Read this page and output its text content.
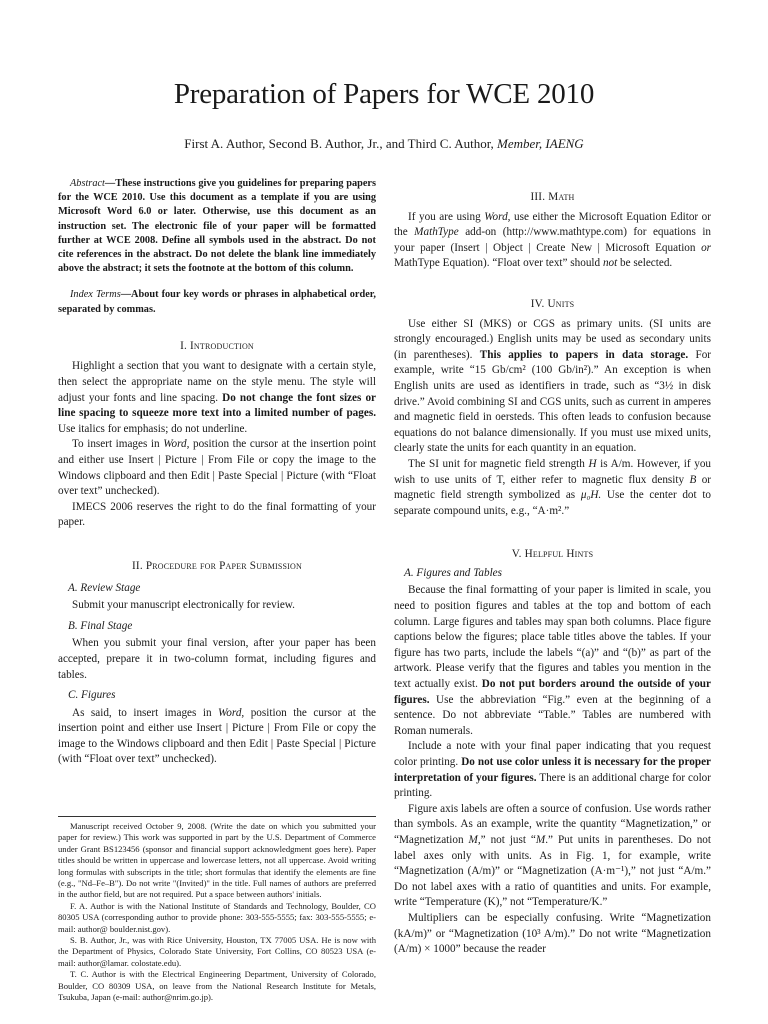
Preparation of Papers for WCE 2010
First A. Author, Second B. Author, Jr., and Third C. Author, Member, IAENG

Abstract—These instructions give you guidelines for preparing papers for the WCE 2010. Use this document as a template if you are using Microsoft Word 6.0 or later. Otherwise, use this document as an instruction set. The electronic file of your paper will be formatted further at WCE 2008. Define all symbols used in the abstract. Do not cite references in the abstract. Do not delete the blank line immediately above the abstract; it sets the footnote at the bottom of this column.

Index Terms—About four key words or phrases in alphabetical order, separated by commas.

I. Introduction

Highlight a section that you want to designate with a certain style, then select the appropriate name on the style menu. The style will adjust your fonts and line spacing. Do not change the font sizes or line spacing to squeeze more text into a limited number of pages. Use italics for emphasis; do not underline.

To insert images in Word, position the cursor at the insertion point and either use Insert | Picture | From File or copy the image to the Windows clipboard and then Edit | Paste Special | Picture (with “Float over text” unchecked).

IMECS 2006 reserves the right to do the final formatting of your paper.

II. Procedure for Paper Submission

A. Review Stage

Submit your manuscript electronically for review.

B. Final Stage

When you submit your final version, after your paper has been accepted, prepare it in two-column format, including figures and tables.

C. Figures

As said, to insert images in Word, position the cursor at the insertion point and either use Insert | Picture | From File or copy the image to the Windows clipboard and then Edit | Paste Special | Picture (with “Float over text” unchecked).

Manuscript received October 9, 2008. (Write the date on which you submitted your paper for review.) This work was supported in part by the U.S. Department of Commerce under Grant BS123456 (sponsor and financial support acknowledgment goes here). Paper titles should be written in uppercase and lowercase letters, not all uppercase. Avoid writing long formulas with subscripts in the title; short formulas that identify the elements are fine (e.g., "Nd–Fe–B"). Do not write "(Invited)" in the title. Full names of authors are preferred in the author field, but are not required. Put a space between authors' initials.

F. A. Author is with the National Institute of Standards and Technology, Boulder, CO 80305 USA (corresponding author to provide phone: 303-555-5555; fax: 303-555-5555; e-mail: author@ boulder.nist.gov).

S. B. Author, Jr., was with Rice University, Houston, TX 77005 USA. He is now with the Department of Physics, Colorado State University, Fort Collins, CO 80523 USA (e-mail: author@lamar. colostate.edu).

T. C. Author is with the Electrical Engineering Department, University of Colorado, Boulder, CO 80309 USA, on leave from the National Research Institute for Metals, Tsukuba, Japan (e-mail: author@nrim.go.jp).

III. Math

If you are using Word, use either the Microsoft Equation Editor or the MathType add-on (http://www.mathtype.com) for equations in your paper (Insert | Object | Create New | Microsoft Equation or MathType Equation). “Float over text” should not be selected.

IV. Units

Use either SI (MKS) or CGS as primary units. (SI units are strongly encouraged.) English units may be used as secondary units (in parentheses). This applies to papers in data storage. For example, write “15 Gb/cm² (100 Gb/in²).” An exception is when English units are used as identifiers in trade, such as “3½ in disk drive.” Avoid combining SI and CGS units, such as current in amperes and magnetic field in oersteds. This often leads to confusion because equations do not balance dimensionally. If you must use mixed units, clearly state the units for each quantity in an equation.

The SI unit for magnetic field strength H is A/m. However, if you wish to use units of T, either refer to magnetic flux density B or magnetic field strength symbolized as μ₀H. Use the center dot to separate compound units, e.g., “A·m².”

V. Helpful Hints

A. Figures and Tables

Because the final formatting of your paper is limited in scale, you need to position figures and tables at the top and bottom of each column. Large figures and tables may span both columns. Place figure captions below the figures; place table titles above the tables. If your figure has two parts, include the labels “(a)” and “(b)” as part of the artwork. Please verify that the figures and tables you mention in the text actually exist. Do not put borders around the outside of your figures. Use the abbreviation “Fig.” even at the beginning of a sentence. Do not abbreviate “Table.” Tables are numbered with Roman numerals.

Include a note with your final paper indicating that you request color printing. Do not use color unless it is necessary for the proper interpretation of your figures. There is an additional charge for color printing.

Figure axis labels are often a source of confusion. Use words rather than symbols. As an example, write the quantity “Magnetization,” or “Magnetization M,” not just “M.” Put units in parentheses. Do not label axes only with units. As in Fig. 1, for example, write “Magnetization (A/m)” or “Magnetization (A·m⁻¹),” not just “A/m.” Do not label axes with a ratio of quantities and units. For example, write “Temperature (K),” not “Temperature/K.”

Multipliers can be especially confusing. Write “Magnetization (kA/m)” or “Magnetization (10³ A/m).” Do not write “Magnetization (A/m) × 1000” because the reader
